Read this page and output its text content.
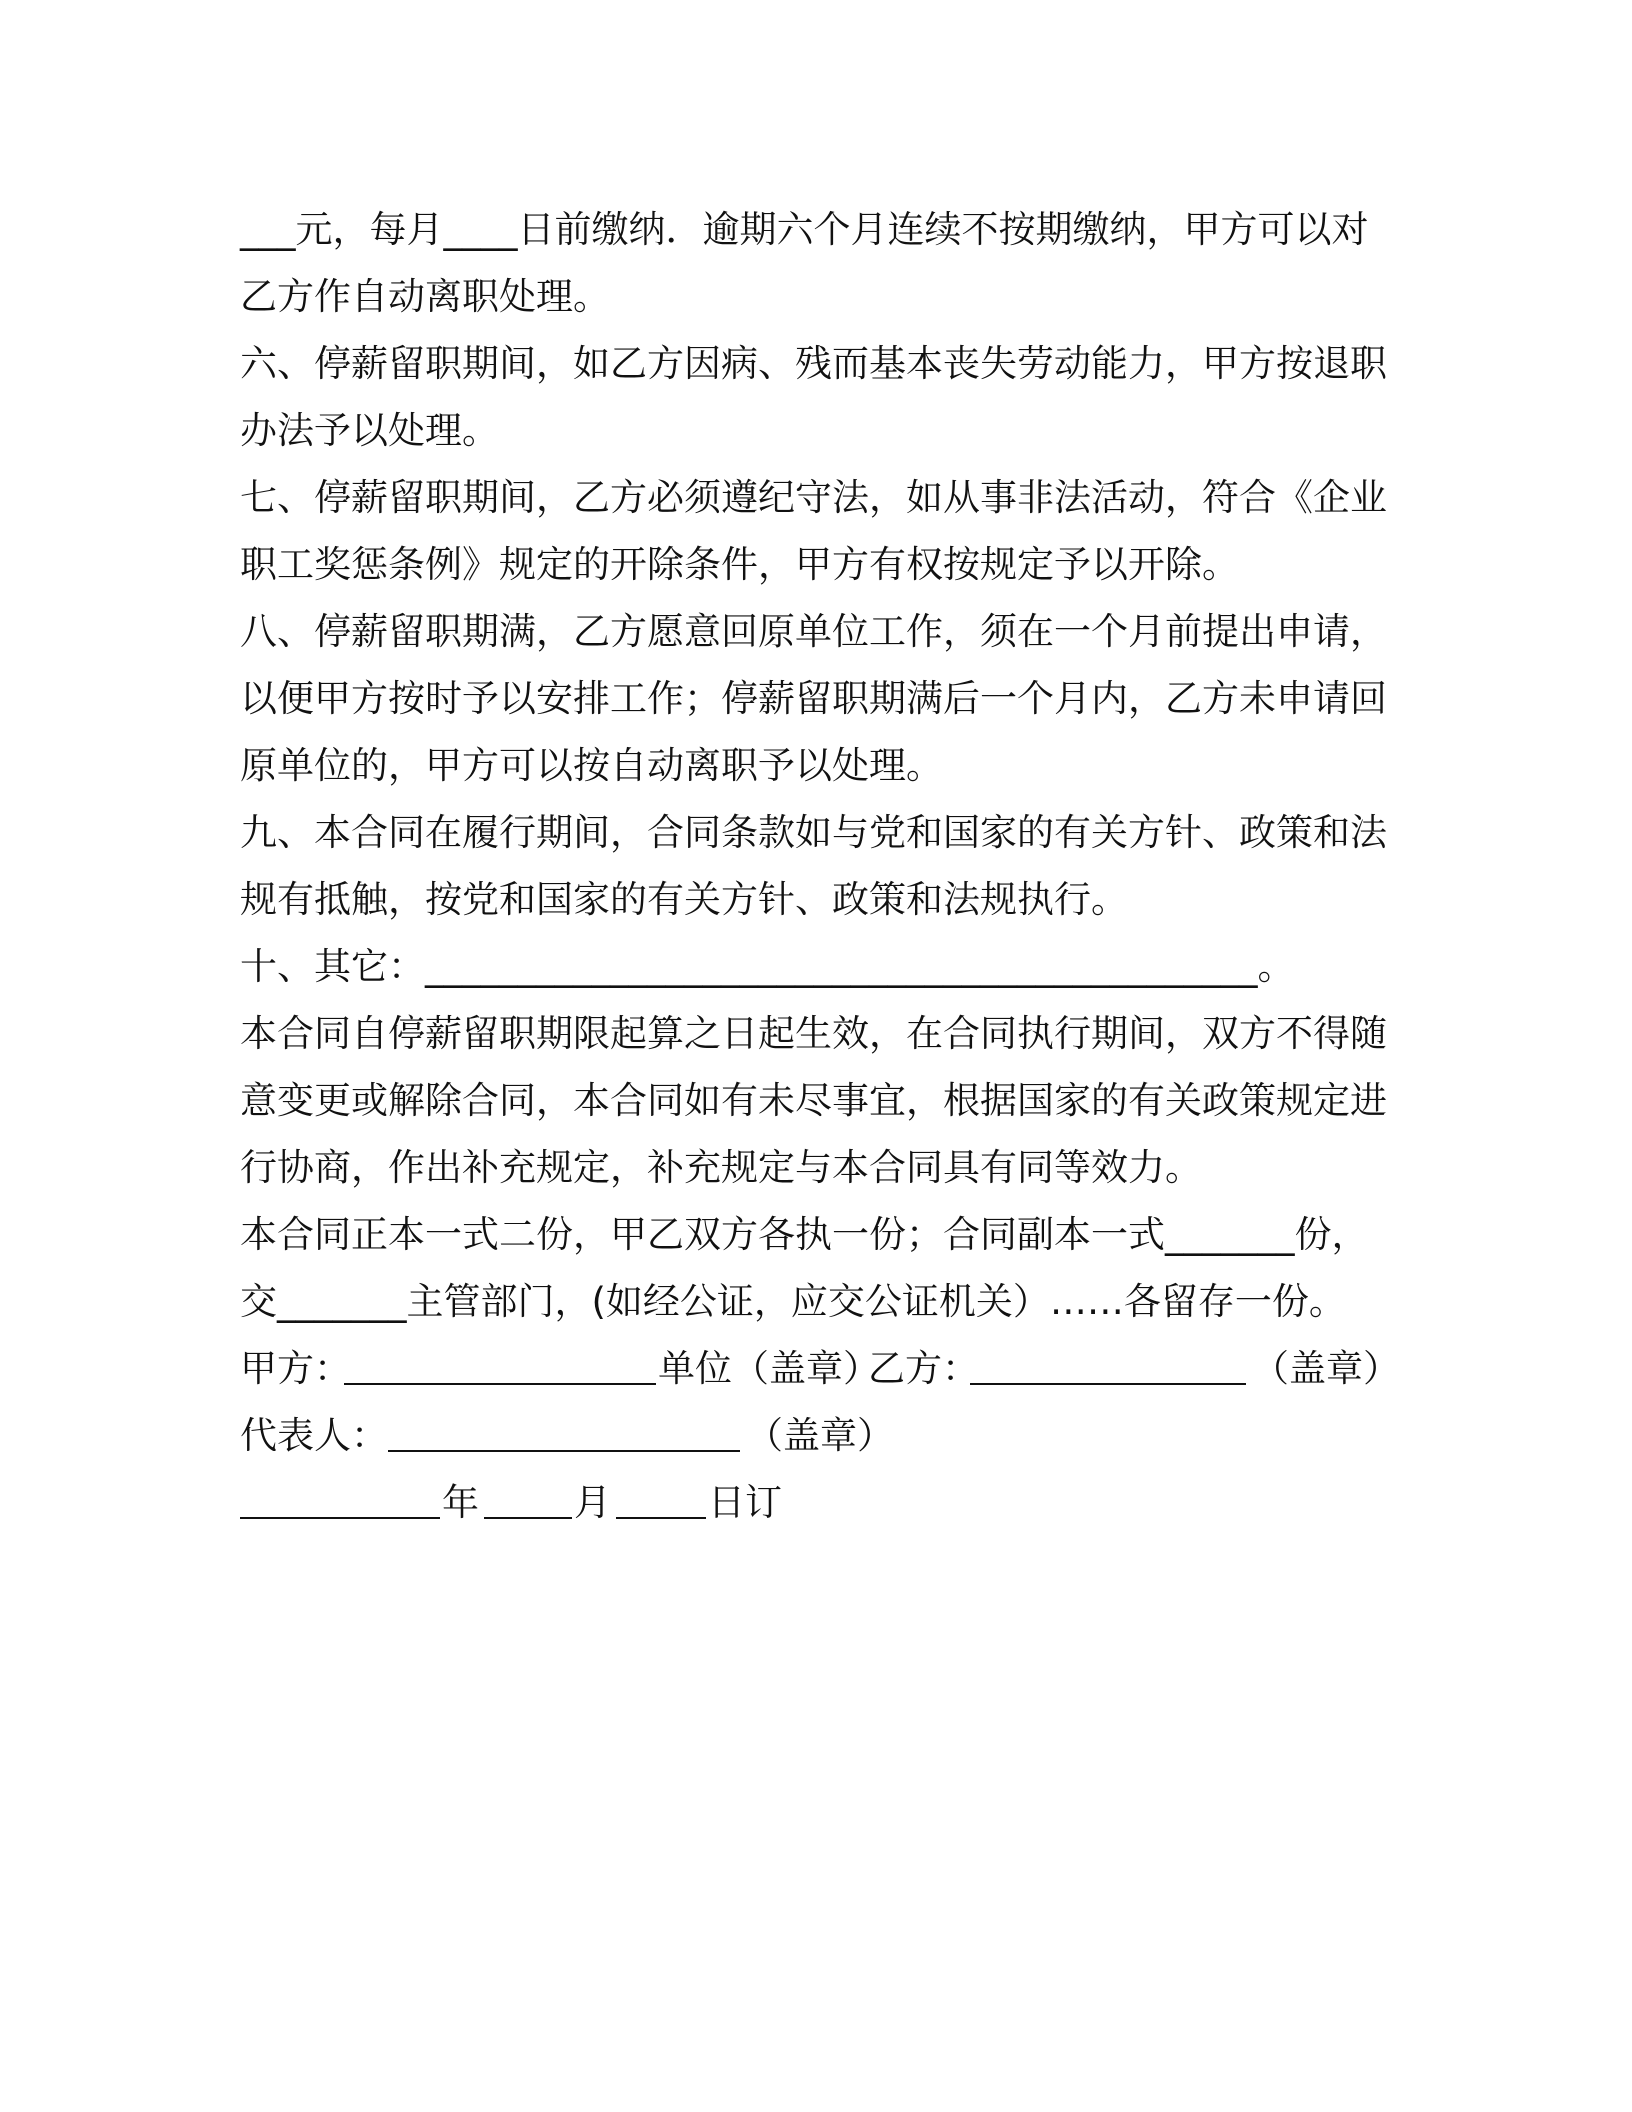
___元，每月____日前缴纳．逾期六个月连续不按期缴纳，甲方可以对

乙方作自动离职处理。

六、停薪留职期间，如乙方因病、残而基本丧失劳动能力，甲方按退职

办法予以处理。

七、停薪留职期间，乙方必须遵纪守法，如从事非法活动，符合《企业

职工奖惩条例》规定的开除条件，甲方有权按规定予以开除。

八、停薪留职期满，乙方愿意回原单位工作，须在一个月前提出申请，

以便甲方按时予以安排工作；停薪留职期满后一个月内，乙方未申请回

原单位的，甲方可以按自动离职予以处理。

九、本合同在履行期间，合同条款如与党和国家的有关方针、政策和法

规有抵触，按党和国家的有关方针、政策和法规执行。

十、其它：_____________________________________________。

本合同自停薪留职期限起算之日起生效，在合同执行期间，双方不得随

意变更或解除合同，本合同如有未尽事宜，根据国家的有关政策规定进

行协商，作出补充规定，补充规定与本合同具有同等效力。

本合同正本一式二份，甲乙双方各执一份；合同副本一式_______份，

交_______主管部门，(如经公证，应交公证机关）……各留存一份。

甲方：	单位（盖章）
乙方：	（盖章）
代表人：	（盖章）
年	月	日订
